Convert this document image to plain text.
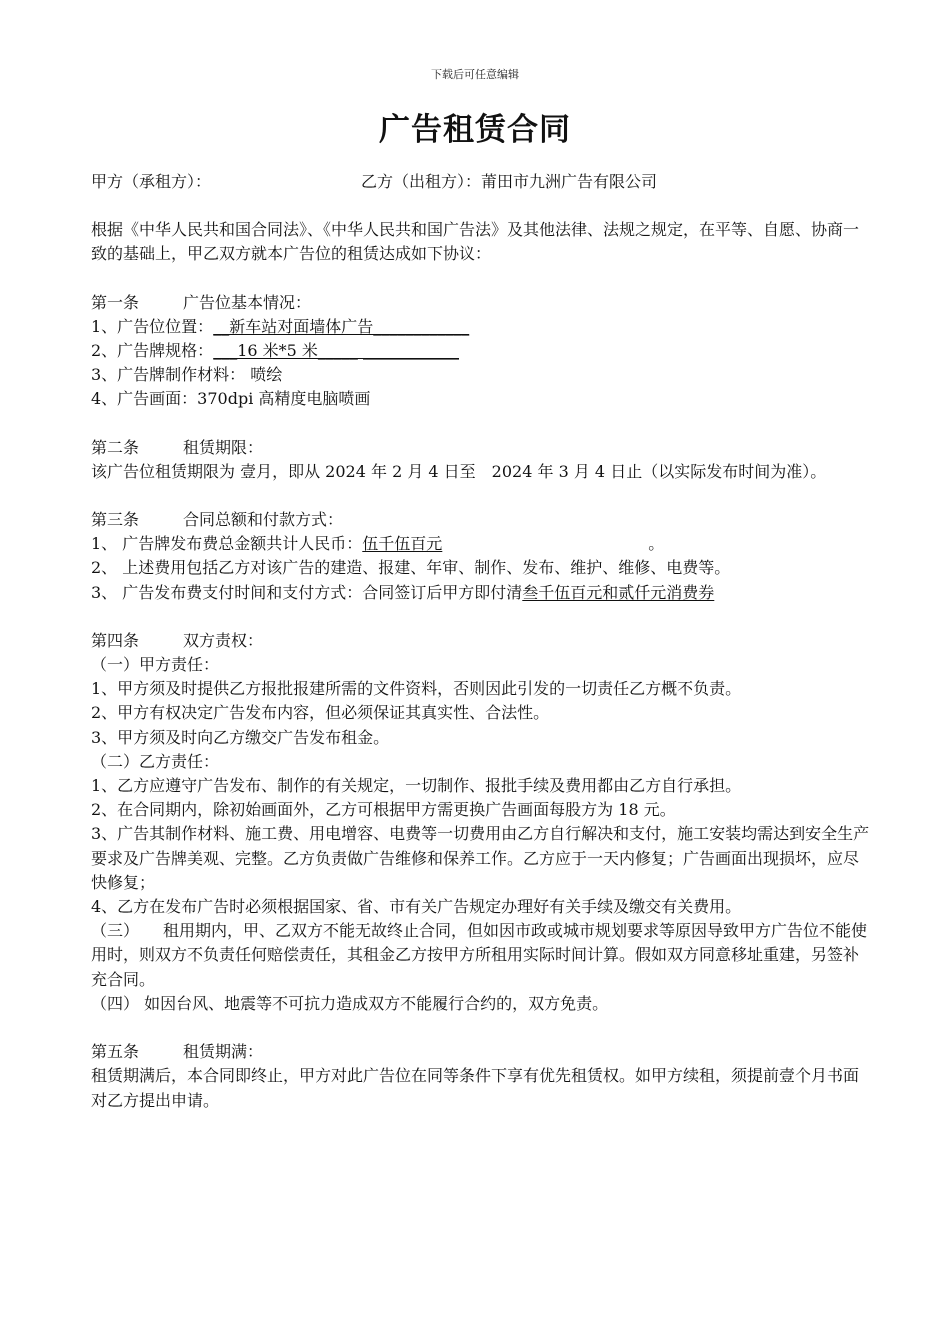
下载后可任意编辑
广告租赁合同
甲方（承租方）：	乙方（出租方）：莆田市九洲广告有限公司
根据《中华人民共和国合同法》、《中华人民共和国广告法》及其他法律、法规之规定，在平等、自愿、协商一致的基础上，甲乙双方就本广告位的租赁达成如下协议：
第一条	广告位基本情况：
1、广告位位置：__新车站对面墙体广告____________
2、广告牌规格：___16 米*5 米_____ ____________
3、广告牌制作材料： 喷绘
4、广告画面：370dpi 高精度电脑喷画
第二条	租赁期限：
该广告位租赁期限为 壹月，即从 2024 年 2 月 4 日至　2024 年 3 月 4 日止（以实际发布时间为准）。
第三条	合同总额和付款方式：
1、 广告牌发布费总金额共计人民币：伍千伍百元	。
2、 上述费用包括乙方对该广告的建造、报建、年审、制作、发布、维护、维修、电费等。
3、 广告发布费支付时间和支付方式：合同签订后甲方即付清叁千伍百元和贰仟元消费券
第四条	双方责权：
（一）甲方责任：
1、甲方须及时提供乙方报批报建所需的文件资料，否则因此引发的一切责任乙方概不负责。
2、甲方有权决定广告发布内容，但必须保证其真实性、合法性。
3、甲方须及时向乙方缴交广告发布租金。
（二）乙方责任：
1、乙方应遵守广告发布、制作的有关规定，一切制作、报批手续及费用都由乙方自行承担。
2、在合同期内，除初始画面外，乙方可根据甲方需更换广告画面每股方为 18 元。
3、广告其制作材料、施工费、用电增容、电费等一切费用由乙方自行解决和支付，施工安装均需达到安全生产要求及广告牌美观、完整。乙方负责做广告维修和保养工作。乙方应于一天内修复；广告画面出现损坏，应尽快修复；
4、乙方在发布广告时必须根据国家、省、市有关广告规定办理好有关手续及缴交有关费用。
（三）　　租用期内，甲、乙双方不能无故终止合同，但如因市政或城市规划要求等原因导致甲方广告位不能使用时，则双方不负责任何赔偿责任，其租金乙方按甲方所租用实际时间计算。假如双方同意移址重建，另签补充合同。
（四） 如因台风、地震等不可抗力造成双方不能履行合约的，双方免责。
第五条	租赁期满：
租赁期满后，本合同即终止，甲方对此广告位在同等条件下享有优先租赁权。如甲方续租，须提前壹个月书面对乙方提出申请。
